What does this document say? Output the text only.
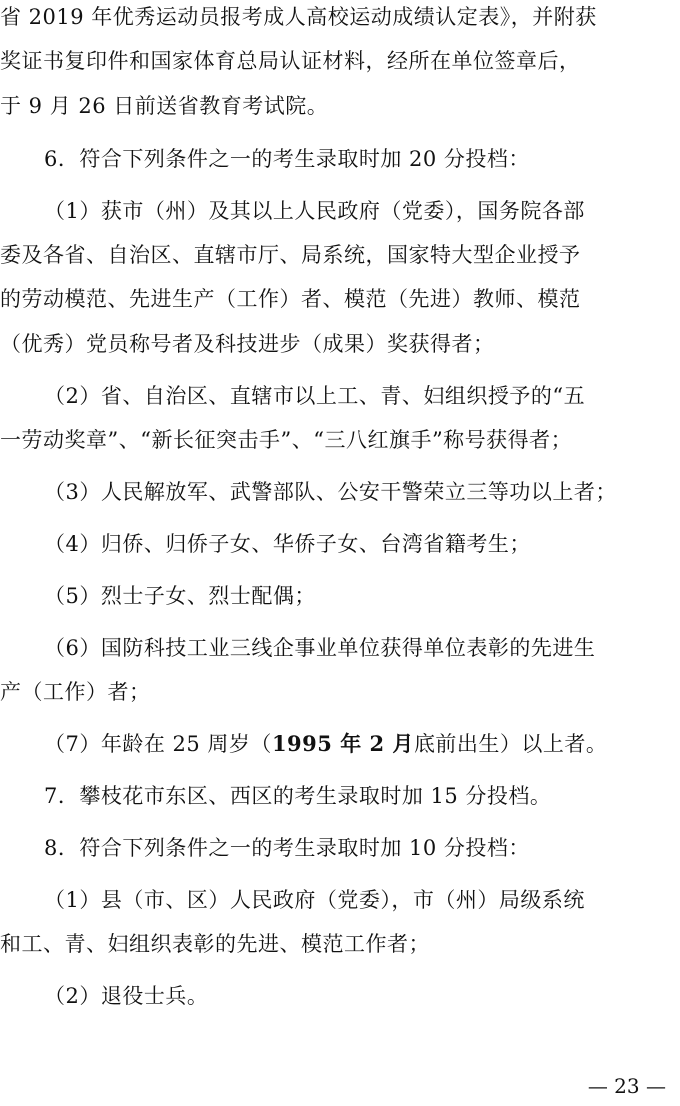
省 2019 年优秀运动员报考成人高校运动成绩认定表》，并附获
奖证书复印件和国家体育总局认证材料，经所在单位签章后，
于 9 月 26 日前送省教育考试院。
6．符合下列条件之一的考生录取时加 20 分投档：
（1）获市（州）及其以上人民政府（党委），国务院各部
委及各省、自治区、直辖市厅、局系统，国家特大型企业授予
的劳动模范、先进生产（工作）者、模范（先进）教师、模范
（优秀）党员称号者及科技进步（成果）奖获得者；
（2）省、自治区、直辖市以上工、青、妇组织授予的“五
一劳动奖章”、“新长征突击手”、“三八红旗手”称号获得者；
（3）人民解放军、武警部队、公安干警荣立三等功以上者；
（4）归侨、归侨子女、华侨子女、台湾省籍考生；
（5）烈士子女、烈士配偶；
（6）国防科技工业三线企事业单位获得单位表彰的先进生
产（工作）者；
（7）年龄在 25 周岁（1995 年 2 月底前出生）以上者。
7．攀枝花市东区、西区的考生录取时加 15 分投档。
8．符合下列条件之一的考生录取时加 10 分投档：
（1）县（市、区）人民政府（党委），市（州）局级系统
和工、青、妇组织表彰的先进、模范工作者；
（2）退役士兵。
— 23 —
